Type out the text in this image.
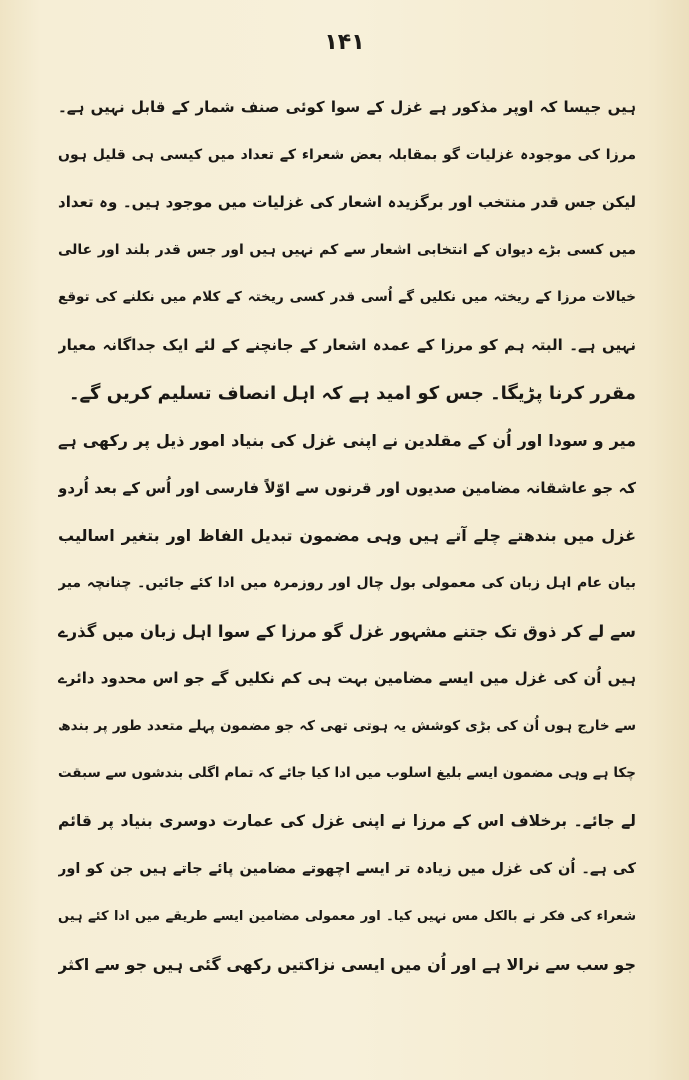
۱۴۱
ہیں جیسا کہ اوپر مذکور ہے غزل کے سوا کوئی صنف شمار کے قابل نہیں ہے۔
مرزا کی موجودہ غزلیات گو بمقابلہ بعض شعراء کے تعداد میں کیسی ہی قلیل ہوں
لیکن جس قدر منتخب اور برگزیدہ اشعار کی غزلیات میں موجود ہیں۔ وہ تعداد
میں کسی بڑے دیوان کے انتخابی اشعار سے کم نہیں ہیں اور جس قدر بلند اور عالی
خیالات مرزا کے ریختہ میں نکلیں گے اُسی قدر کسی ریختہ کے کلام میں نکلنے کی توقع
نہیں ہے۔ البتہ ہم کو مرزا کے عمدہ اشعار کے جانچنے کے لئے ایک جداگانہ معیار
مقرر کرنا پڑیگا۔ جس کو امید ہے کہ اہل انصاف تسلیم کریں گے۔
میر و سودا اور اُن کے مقلدین نے اپنی غزل کی بنیاد امور ذیل پر رکھی ہے
کہ جو عاشقانہ مضامین صدیوں اور قرنوں سے اوّلاً فارسی اور اُس کے بعد اُردو
غزل میں بندھتے چلے آتے ہیں وہی مضمون تبدیل الفاظ اور بتغیر اسالیب
بیان عام اہل زبان کی معمولی بول چال اور روزمرہ میں ادا کئے جائیں۔ چنانچہ میر
سے لے کر ذوق تک جتنے مشہور غزل گو مرزا کے سوا اہل زبان میں گذرے
ہیں اُن کی غزل میں ایسے مضامین بہت ہی کم نکلیں گے جو اس محدود دائرے
سے خارج ہوں اُن کی بڑی کوشش یہ ہوتی تھی کہ جو مضمون پہلے متعدد طور پر بندھ
چکا ہے وہی مضمون ایسے بلیغ اسلوب میں ادا کیا جائے کہ تمام اگلی بندشوں سے سبقت
لے جائے۔ برخلاف اس کے مرزا نے اپنی غزل کی عمارت دوسری بنیاد پر قائم
کی ہے۔ اُن کی غزل میں زیادہ تر ایسے اچھوتے مضامین پائے جاتے ہیں جن کو اور
شعراء کی فکر نے بالکل مس نہیں کیا۔ اور معمولی مضامین ایسے طریقے میں ادا کئے ہیں
جو سب سے نرالا ہے اور اُن میں ایسی نزاکتیں رکھی گئی ہیں جو سے اکثر
